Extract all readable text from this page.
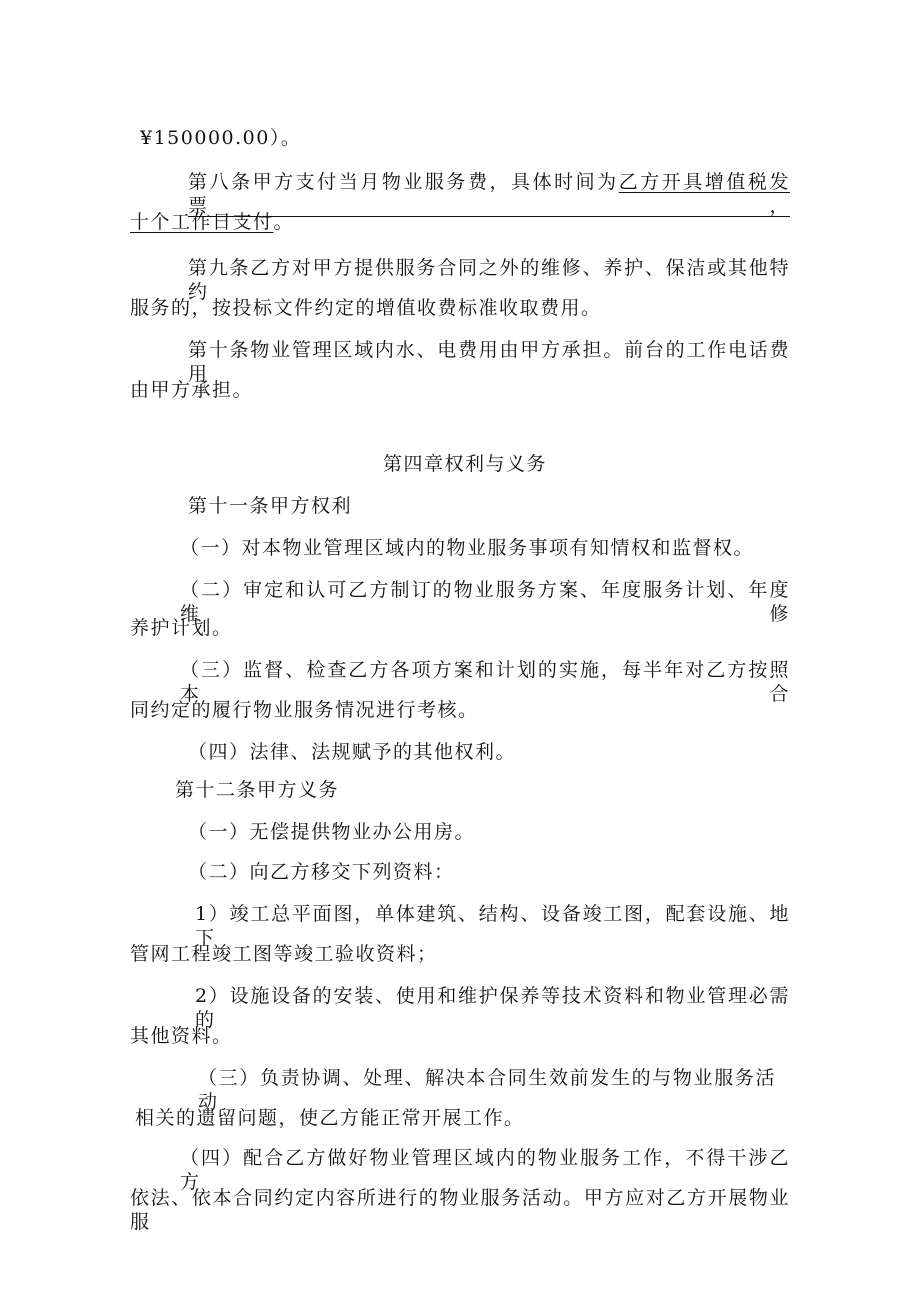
¥150000.00）。
第八条甲方支付当月物业服务费，具体时间为乙方开具增值税发票，
十个工作日支付。
第九条乙方对甲方提供服务合同之外的维修、养护、保洁或其他特约
服务的，按投标文件约定的增值收费标准收取费用。
第十条物业管理区域内水、电费用由甲方承担。前台的工作电话费用
由甲方承担。
第四章权利与义务
第十一条甲方权利
（一）对本物业管理区域内的物业服务事项有知情权和监督权。
（二）审定和认可乙方制订的物业服务方案、年度服务计划、年度维修
养护计划。
（三）监督、检查乙方各项方案和计划的实施，每半年对乙方按照本合
同约定的履行物业服务情况进行考核。
（四）法律、法规赋予的其他权利。
第十二条甲方义务
（一）无偿提供物业办公用房。
（二）向乙方移交下列资料：
1）竣工总平面图，单体建筑、结构、设备竣工图，配套设施、地下
管网工程竣工图等竣工验收资料；
2）设施设备的安装、使用和维护保养等技术资料和物业管理必需的
其他资料。
（三）负责协调、处理、解决本合同生效前发生的与物业服务活动
相关的遗留问题，使乙方能正常开展工作。
（四）配合乙方做好物业管理区域内的物业服务工作，不得干涉乙方
依法、依本合同约定内容所进行的物业服务活动。甲方应对乙方开展物业服
